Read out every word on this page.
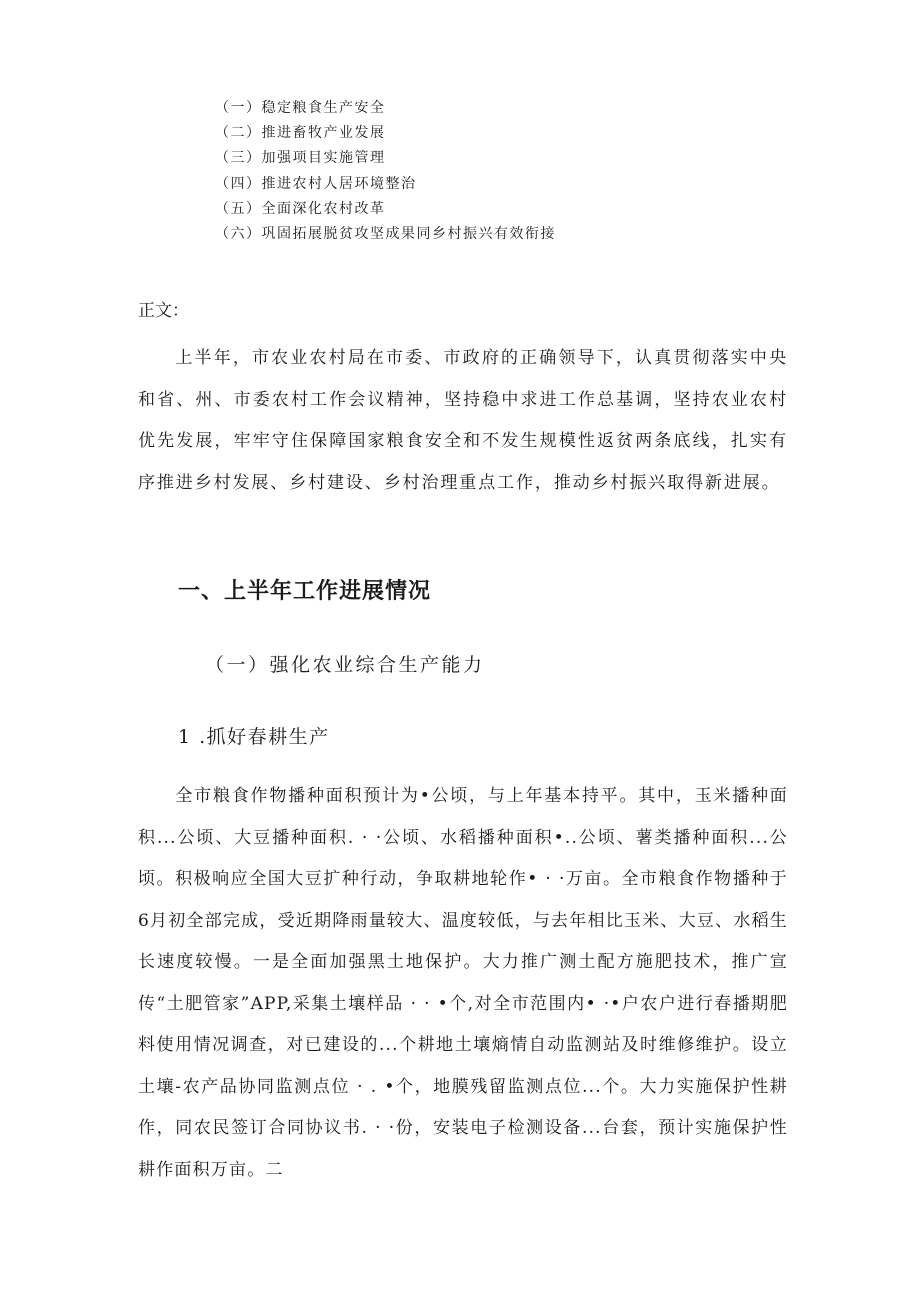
（一）稳定粮食生产安全
（二）推进畜牧产业发展
（三）加强项目实施管理
（四）推进农村人居环境整治
（五）全面深化农村改革
（六）巩固拓展脱贫攻坚成果同乡村振兴有效衔接
正文：

上半年，市农业农村局在市委、市政府的正确领导下，认真贯彻落实中央和省、州、市委农村工作会议精神，坚持稳中求进工作总基调，坚持农业农村优先发展，牢牢守住保障国家粮食安全和不发生规模性返贫两条底线，扎实有序推进乡村发展、乡村建设、乡村治理重点工作，推动乡村振兴取得新进展。

一、上半年工作进展情况
（一）强化农业综合生产能力
1 .抓好春耕生产

全市粮食作物播种面积预计为•公顷，与上年基本持平。其中，玉米播种面积...公顷、大豆播种面积. · ·公顷、水稻播种面积•..公顷、薯类播种面积...公顷。积极响应全国大豆扩种行动，争取耕地轮作• · ·万亩。全市粮食作物播种于6月初全部完成，受近期降雨量较大、温度较低，与去年相比玉米、大豆、水稻生长速度较慢。一是全面加强黑土地保护。大力推广测土配方施肥技术，推广宣传“土肥管家”APP,采集土壤样品 · · •个,对全市范围内• ·•户农户进行春播期肥料使用情况调查，对已建设的...个耕地土壤熵情自动监测站及时维修维护。设立土壤-农产品协同监测点位 · . •个，地膜残留监测点位...个。大力实施保护性耕作，同农民签订合同协议书. · ·份，安装电子检测设备...台套，预计实施保护性耕作面积万亩。二
